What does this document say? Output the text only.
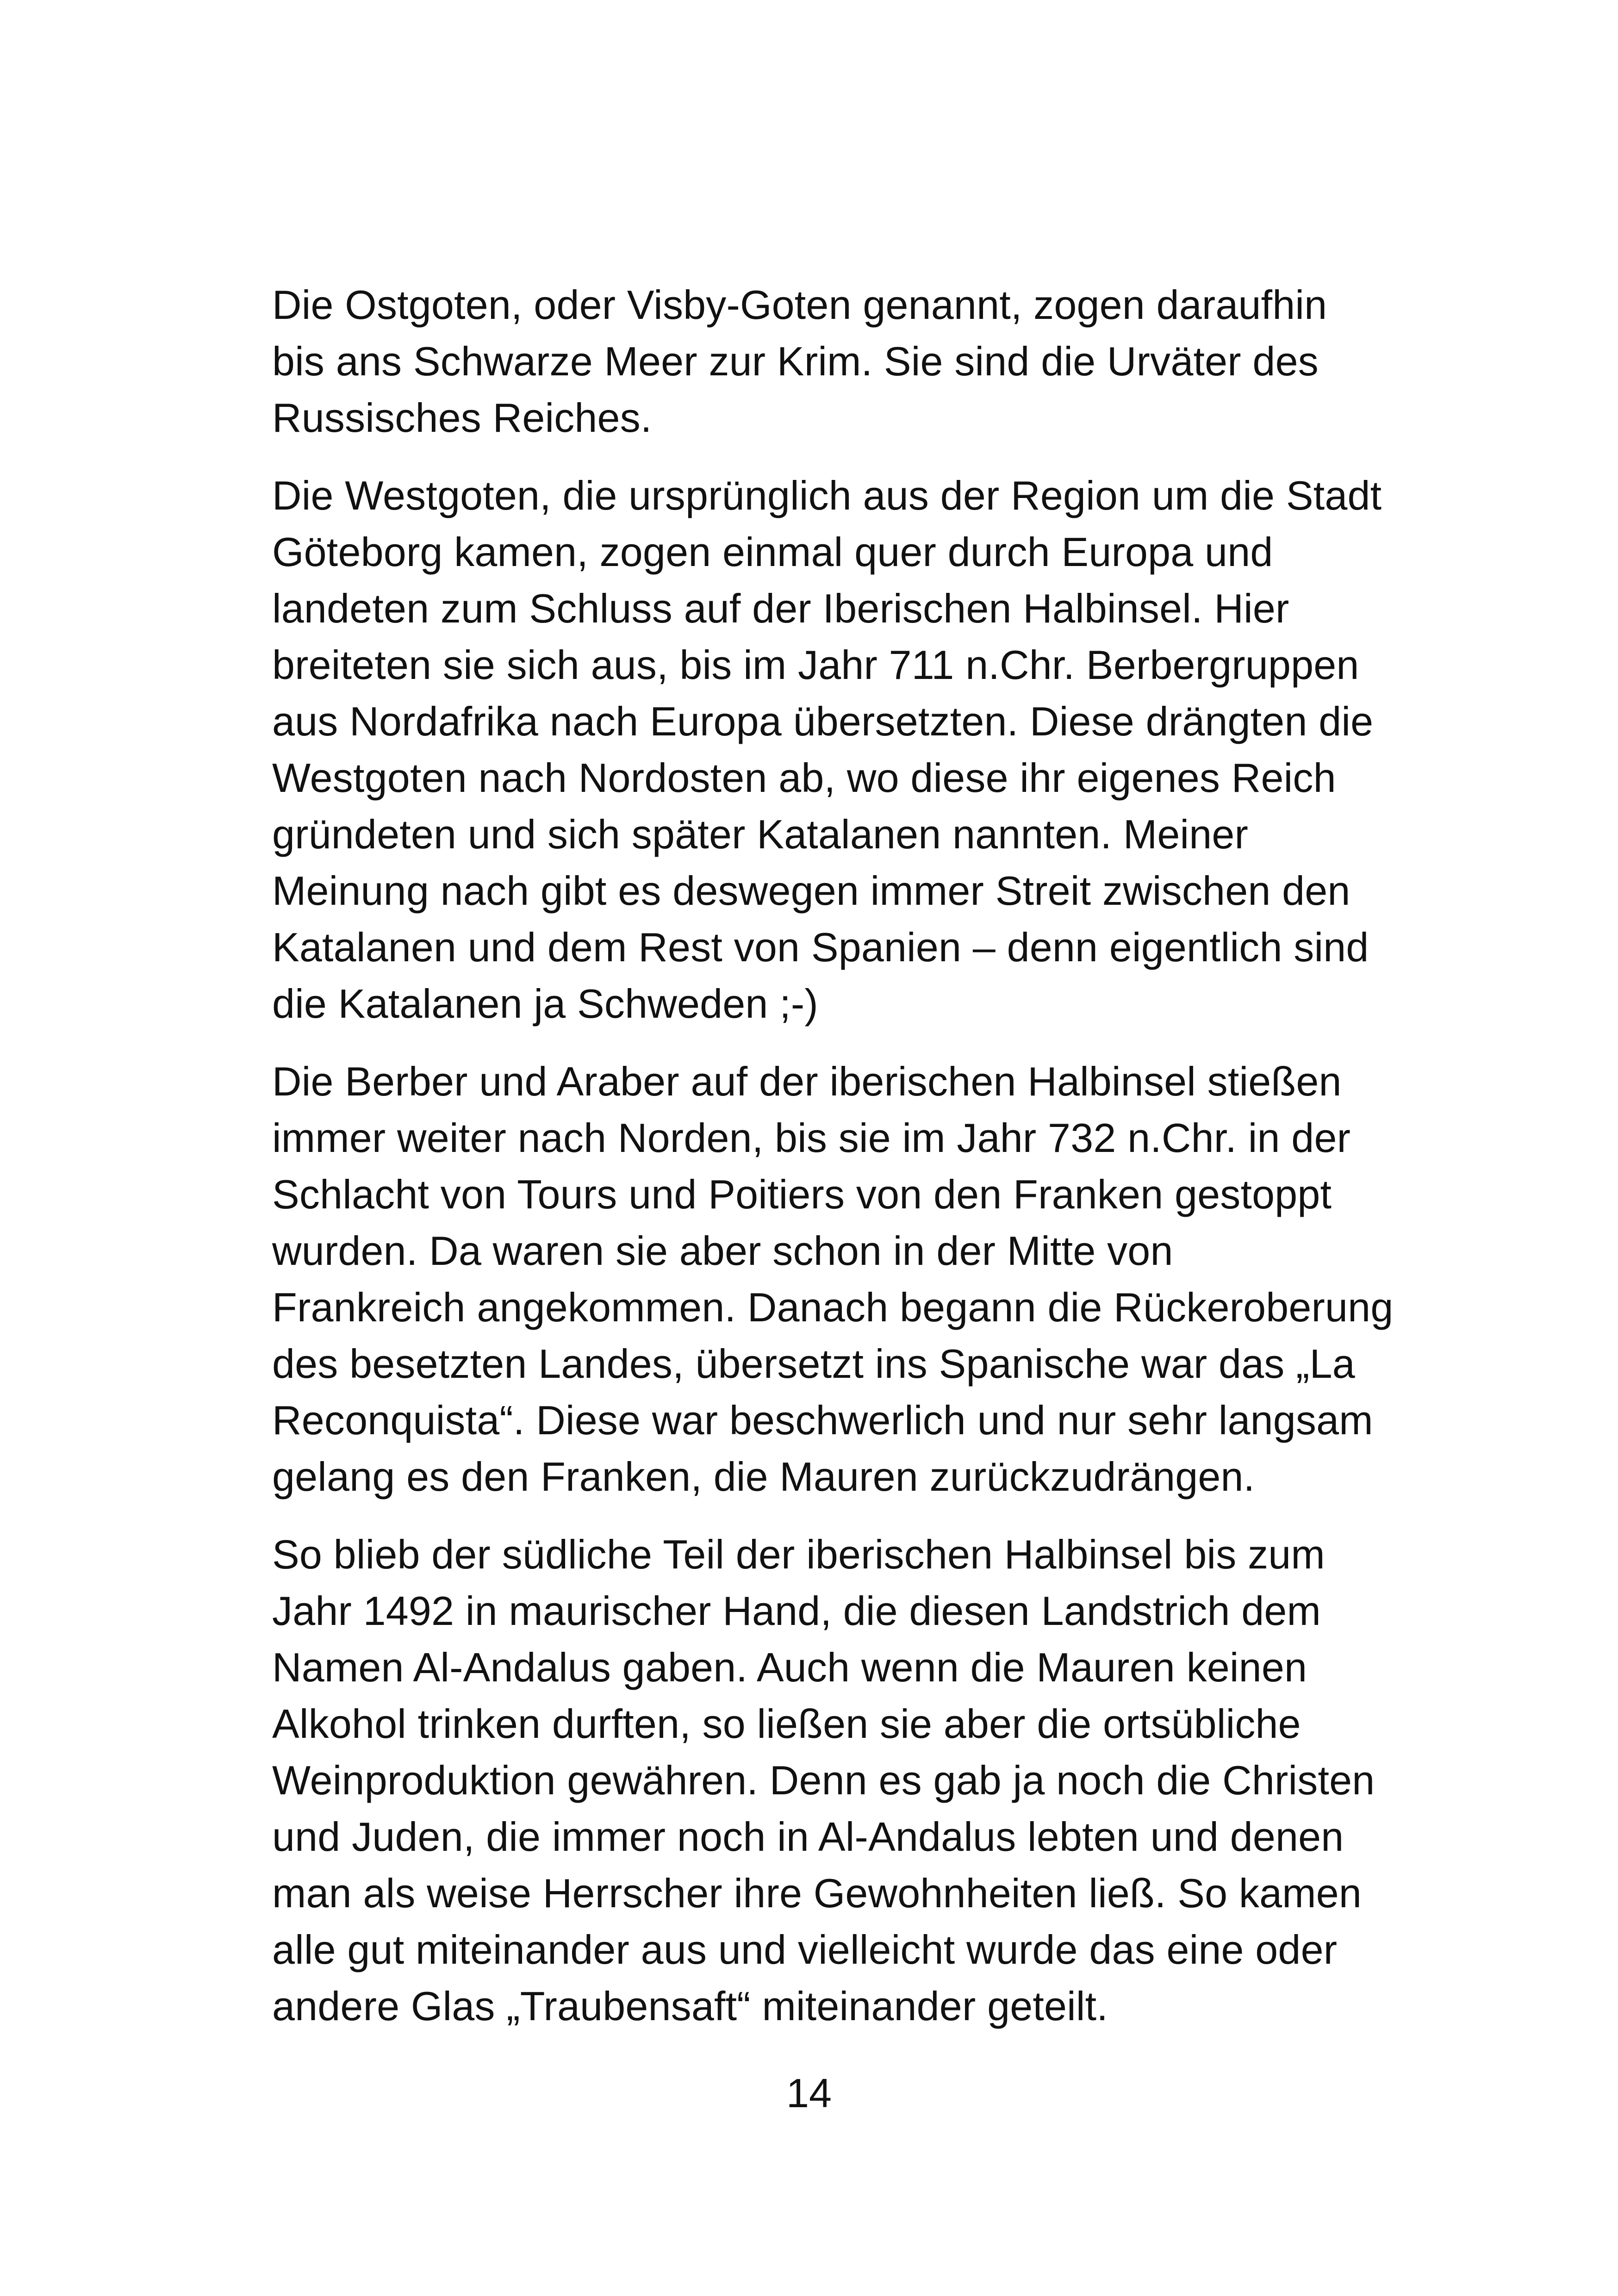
Die Ostgoten, oder Visby-Goten genannt, zogen daraufhin
bis ans Schwarze Meer zur Krim. Sie sind die Urväter des
Russisches Reiches.

Die Westgoten, die ursprünglich aus der Region um die Stadt
Göteborg kamen, zogen einmal quer durch Europa und
landeten zum Schluss auf der Iberischen Halbinsel. Hier
breiteten sie sich aus, bis im Jahr 711 n.Chr. Berbergruppen
aus Nordafrika nach Europa übersetzten. Diese drängten die
Westgoten nach Nordosten ab, wo diese ihr eigenes Reich
gründeten und sich später Katalanen nannten. Meiner
Meinung nach gibt es deswegen immer Streit zwischen den
Katalanen und dem Rest von Spanien – denn eigentlich sind
die Katalanen ja Schweden ;-)

Die Berber und Araber auf der iberischen Halbinsel stießen
immer weiter nach Norden, bis sie im Jahr 732 n.Chr. in der
Schlacht von Tours und Poitiers von den Franken gestoppt
wurden. Da waren sie aber schon in der Mitte von
Frankreich angekommen. Danach begann die Rückeroberung
des besetzten Landes, übersetzt ins Spanische war das „La
Reconquista“. Diese war beschwerlich und nur sehr langsam
gelang es den Franken, die Mauren zurückzudrängen.

So blieb der südliche Teil der iberischen Halbinsel bis zum
Jahr 1492 in maurischer Hand, die diesen Landstrich dem
Namen Al-Andalus gaben. Auch wenn die Mauren keinen
Alkohol trinken durften, so ließen sie aber die ortsübliche
Weinproduktion gewähren. Denn es gab ja noch die Christen
und Juden, die immer noch in Al-Andalus lebten und denen
man als weise Herrscher ihre Gewohnheiten ließ. So kamen
alle gut miteinander aus und vielleicht wurde das eine oder
andere Glas „Traubensaft“ miteinander geteilt.

14
